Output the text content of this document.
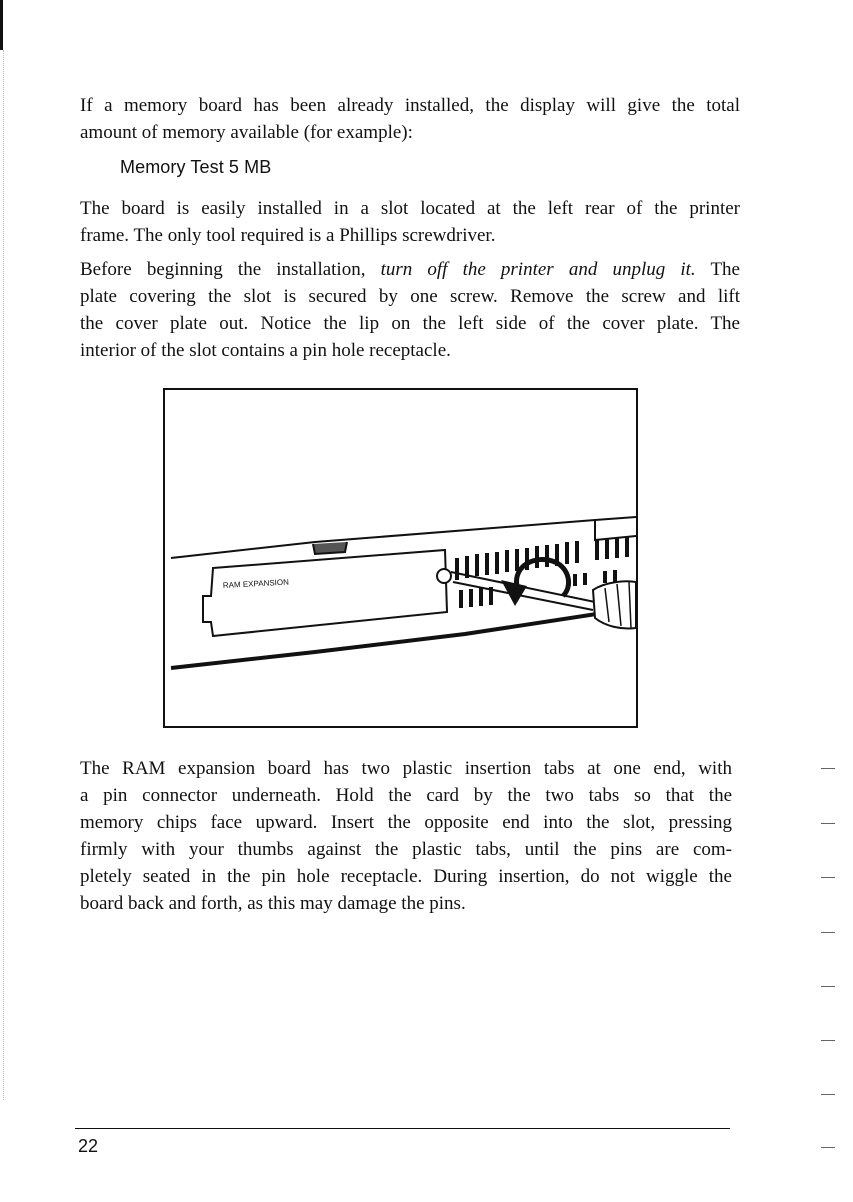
If a memory board has been already installed, the display will give the total
amount of memory available (for example):

Memory Test 5 MB

The board is easily installed in a slot located at the left rear of the printer
frame. The only tool required is a Phillips screwdriver.

Before beginning the installation, turn off the printer and unplug it. The
plate covering the slot is secured by one screw. Remove the screw and lift
the cover plate out. Notice the lip on the left side of the cover plate. The
interior of the slot contains a pin hole receptacle.

RAM EXPANSION

The RAM expansion board has two plastic insertion tabs at one end, with
a pin connector underneath. Hold the card by the two tabs so that the
memory chips face upward. Insert the opposite end into the slot, pressing
firmly with your thumbs against the plastic tabs, until the pins are com-
pletely seated in the pin hole receptacle. During insertion, do not wiggle the
board back and forth, as this may damage the pins.

22
